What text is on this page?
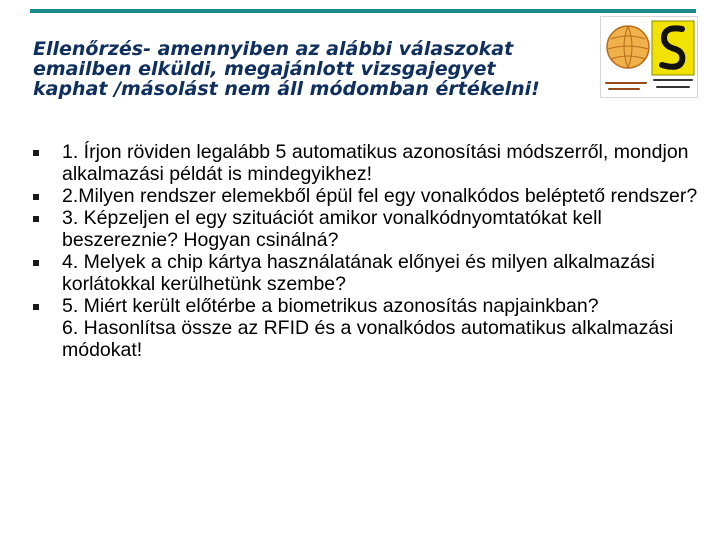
Ellenőrzés- amennyiben az alábbi válaszokat emailben elküldi, megajánlott vizsgajegyet kaphat /másolást nem áll módomban értékelni!
1. Írjon röviden legalább 5 automatikus azonosítási módszerről, mondjon alkalmazási példát is mindegyikhez!
2.Milyen rendszer elemekből épül fel egy vonalkódos beléptető rendszer?
3. Képzeljen el egy szituációt amikor vonalkódnyomtatókat kell beszereznie? Hogyan csinálná?
4. Melyek a chip kártya használatának előnyei és milyen alkalmazási korlátokkal kerülhetünk szembe?
5. Miért került előtérbe a biometrikus azonosítás napjainkban?
6. Hasonlítsa össze az RFID és a vonalkódos automatikus alkalmazási módokat!
